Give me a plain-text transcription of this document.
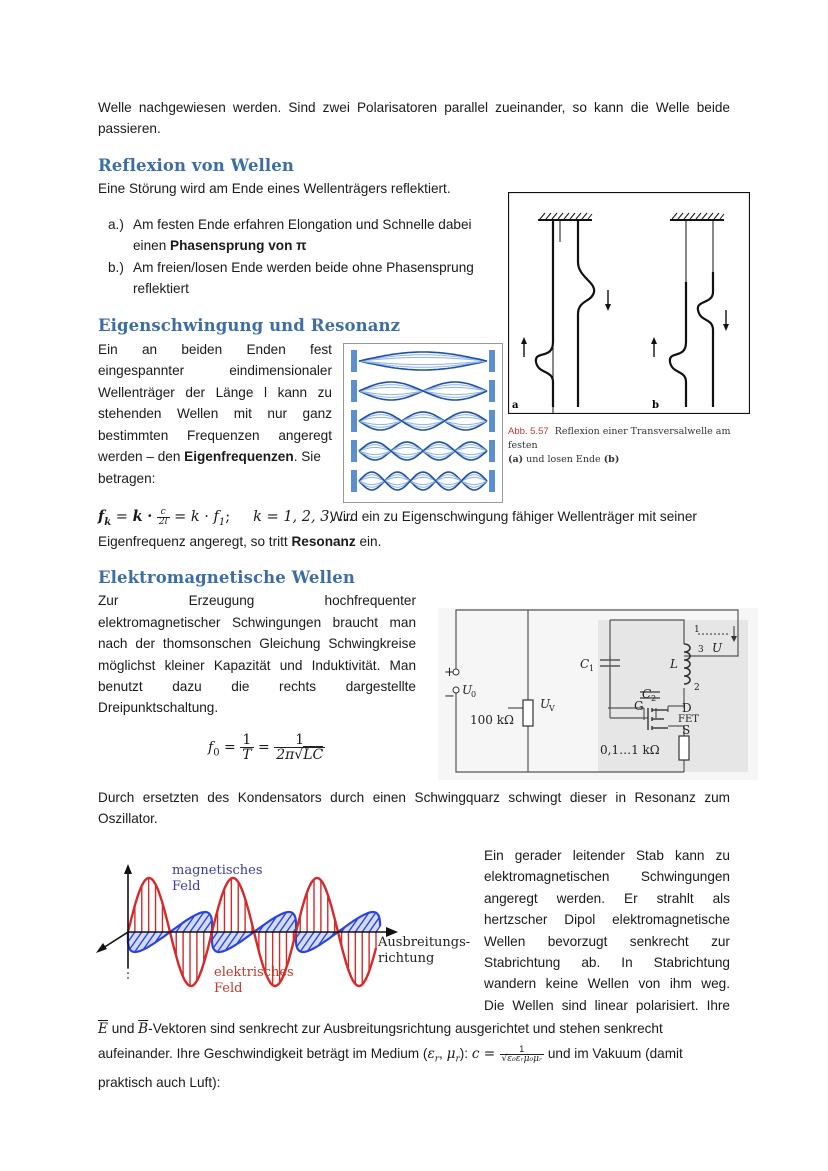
Welle nachgewiesen werden. Sind zwei Polarisatoren parallel zueinander, so kann die Welle beide
passieren.
Reflexion von Wellen
Eine Störung wird am Ende eines Wellenträgers reflektiert.
a.) Am festen Ende erfahren Elongation und Schnelle dabei
einen Phasensprung von π
b.) Am freien/losen Ende werden beide ohne Phasensprung
reflektiert
a	b
Abb. 5.57 Reflexion einer Transversalwelle am festen
(a) und losen Ende (b)
Eigenschwingung und Resonanz
Ein an beiden Enden fest
eingespannter	eindimensionaler
Wellenträger der Länge l kann zu
stehenden Wellen mit nur ganz
bestimmten Frequenzen angeregt
werden – den Eigenfrequenzen. Sie
betragen:
$f_k = k \cdot \frac{c}{2l} = k \cdot f_1$; k = 1, 2, 3, …
Wird ein zu Eigenschwingung fähiger Wellenträger mit seiner
Eigenfrequenz angeregt, so tritt Resonanz ein.
Elektromagnetische Wellen
Zur	Erzeugung	hochfrequenter
elektromagnetischer Schwingungen braucht man
nach der thomsonschen Gleichung Schwingkreise
möglichst kleiner Kapazität und Induktivität. Man
benutzt dazu die rechts dargestellte
Dreipunktschaltung.
$f_0 = \frac{1}{T} = \frac{1}{2\pi√LC}$
+
− U
0
100 kΩ
U
V
C 1	L
C 2
G	D
FET
S
0,1…1 kΩ
1
2
3 U
Durch ersetzten des Kondensators durch einen Schwingquarz schwingt dieser in Resonanz zum
Oszillator.
magnetisches
Feld
Ausbreitungs-
richtung
elektrisches
Feld
Ein gerader leitender Stab kann zu
elektromagnetischen Schwingungen
angeregt werden. Er strahlt als
hertzscher Dipol elektromagnetische
Wellen bevorzugt senkrecht zur
Stabrichtung ab. In Stabrichtung
wandern keine Wellen von ihm weg.
Die Wellen sind linear polarisiert. Ihre
$\overline{E}$ und $\overline{B}$-Vektoren sind senkrecht zur Ausbreitungsrichtung ausgerichtet und stehen senkrecht
aufeinander. Ihre Geschwindigkeit beträgt im Medium ($\varepsilon_r$, $\mu_r$): $c = \frac{1}{\text{√ε₀εᵣμ₀μᵣ}}$ und im Vakuum (damit
praktisch auch Luft):
